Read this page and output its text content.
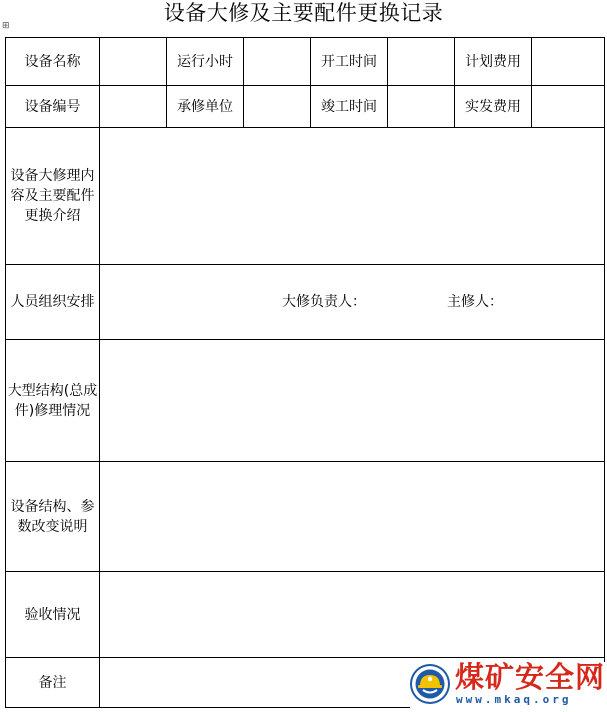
设备大修及主要配件更换记录
⊞
设备名称		运行小时		开工时间		计划费用	
设备编号		承修单位		竣工时间		实发费用	
设备大修理内容及主要配件更换介绍							
人员组织安排	大修负责人： 主修人：						
大型结构(总成件)修理情况							
设备结构、参数改变说明							
验收情况							
备注								煤矿安全网
www.mkaq.org
